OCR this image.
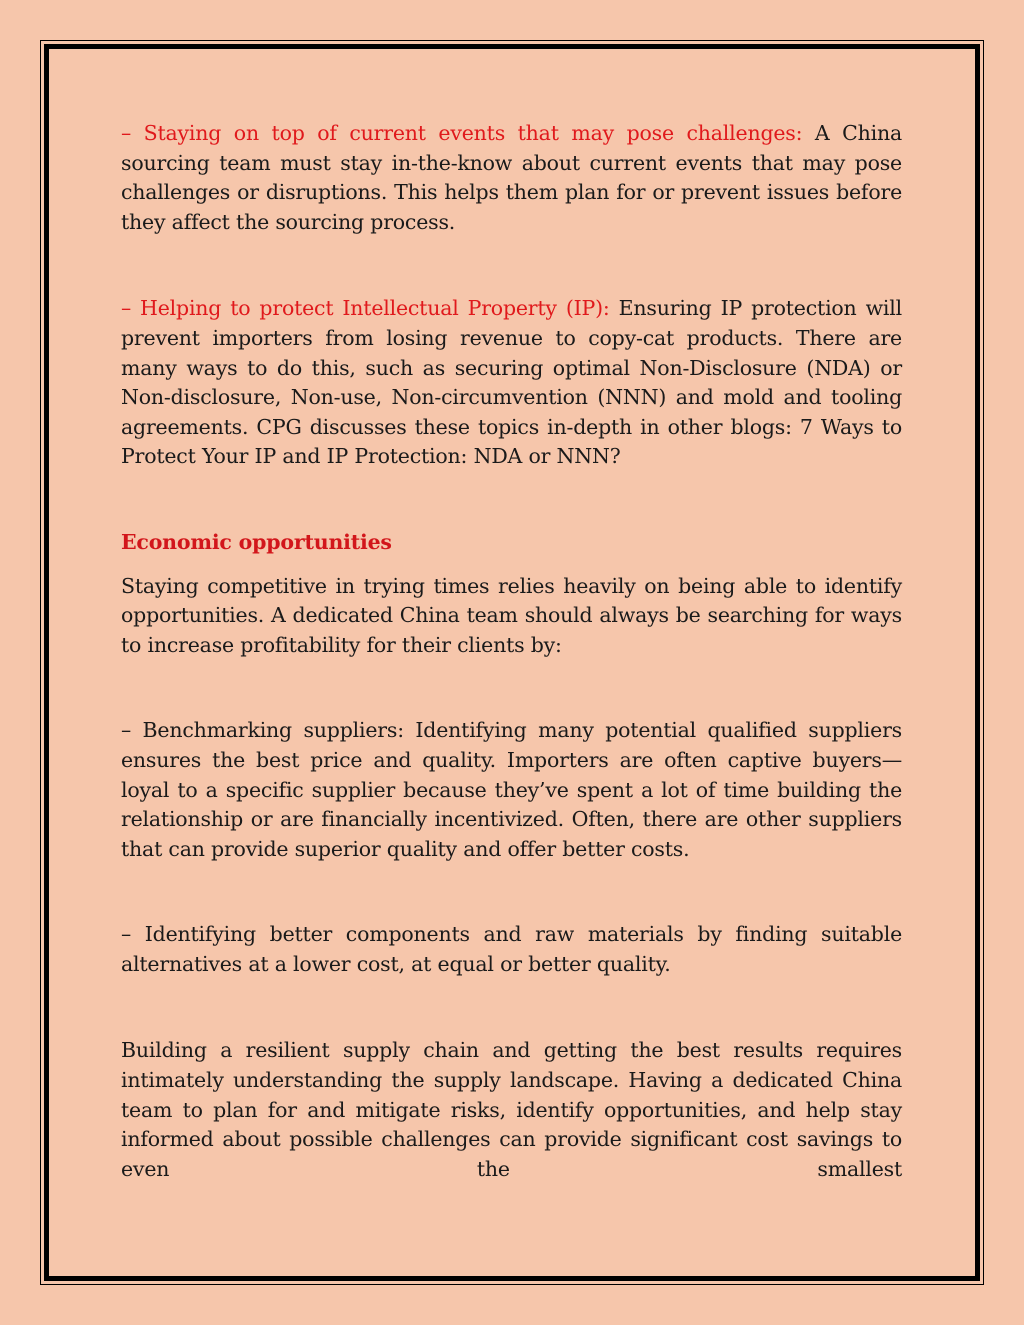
– Staying on top of current events that may pose challenges: A China sourcing team must stay in-the-know about current events that may pose challenges or disruptions. This helps them plan for or prevent issues before they affect the sourcing process.

– Helping to protect Intellectual Property (IP): Ensuring IP protection will prevent importers from losing revenue to copy-cat products. There are many ways to do this, such as securing optimal Non-Disclosure (NDA) or Non-disclosure, Non-use, Non-circumvention (NNN) and mold and tooling agreements. CPG discusses these topics in-depth in other blogs: 7 Ways to Protect Your IP and IP Protection: NDA or NNN?

Economic opportunities

Staying competitive in trying times relies heavily on being able to identify opportunities. A dedicated China team should always be searching for ways to increase profitability for their clients by:

– Benchmarking suppliers: Identifying many potential qualified suppliers ensures the best price and quality. Importers are often captive buyers—loyal to a specific supplier because they’ve spent a lot of time building the relationship or are financially incentivized. Often, there are other suppliers that can provide superior quality and offer better costs.

– Identifying better components and raw materials by finding suitable alternatives at a lower cost, at equal or better quality.

Building a resilient supply chain and getting the best results requires intimately understanding the supply landscape. Having a dedicated China team to plan for and mitigate risks, identify opportunities, and help stay informed about possible challenges can provide significant cost savings to even the smallest
